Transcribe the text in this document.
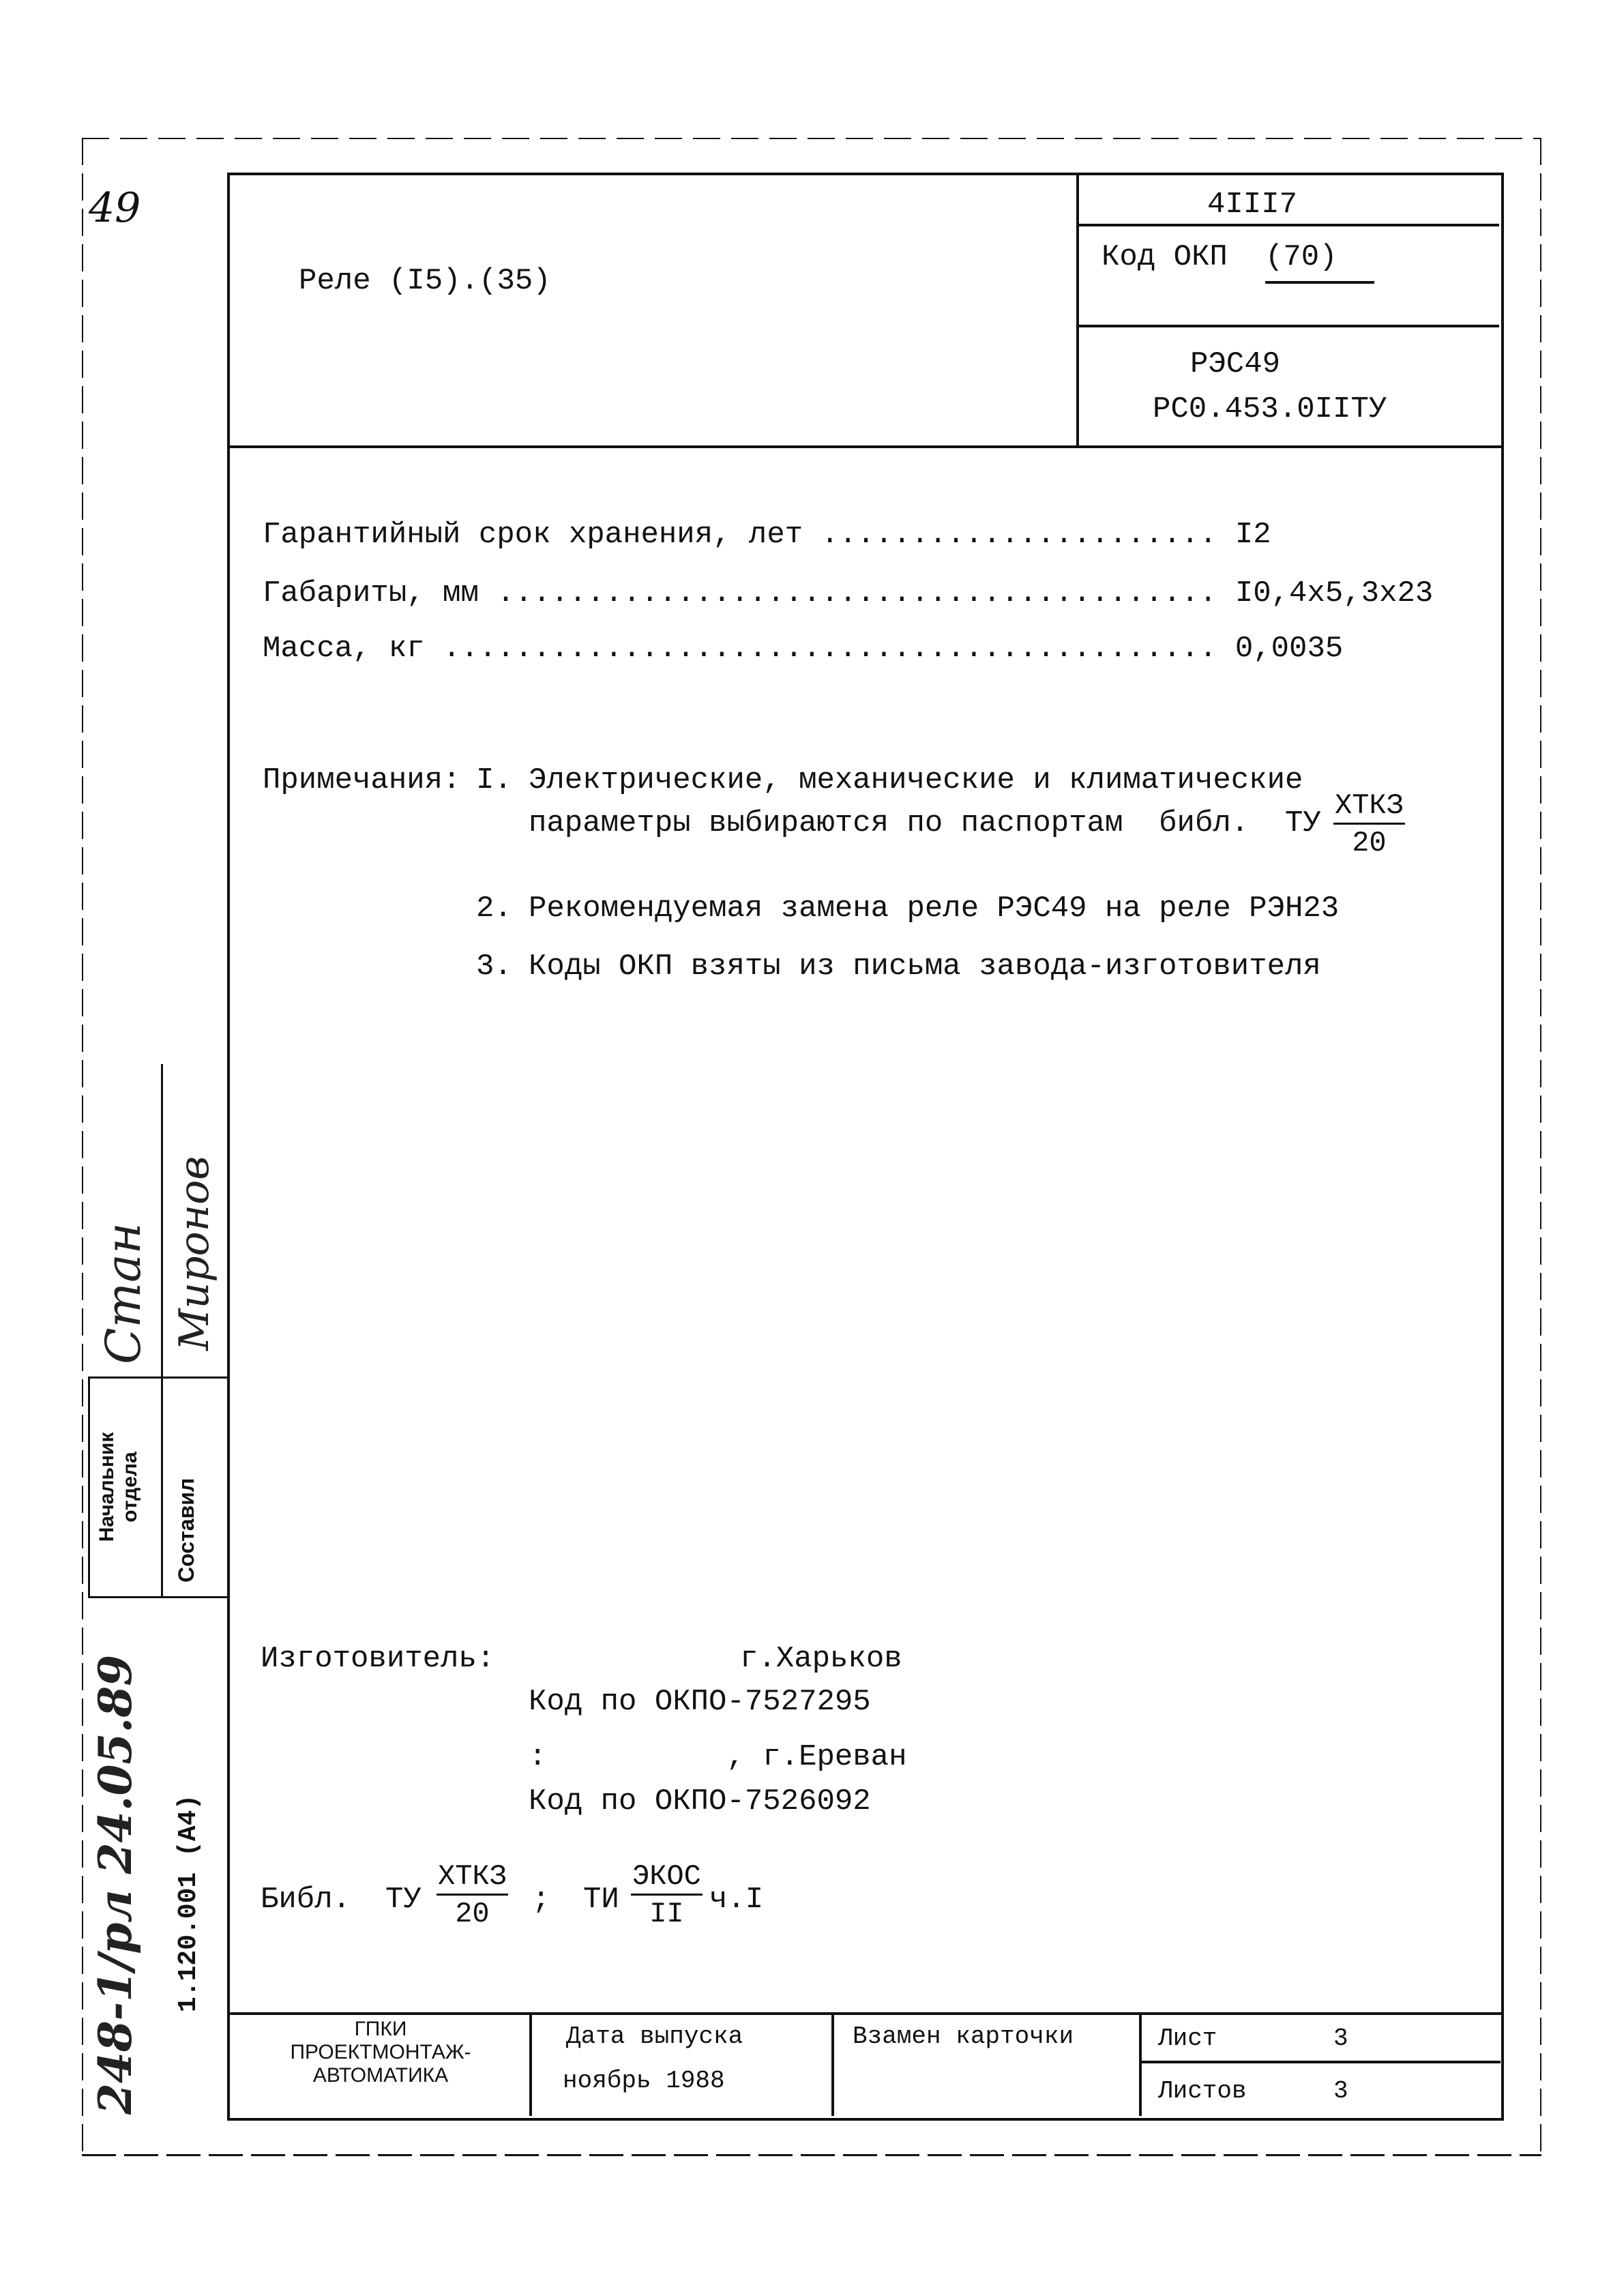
49
Реле (I5).(35)
4III7
Код ОКП (70)
РЭС49
РС0.453.0IIТУ
Гарантийный срок хранения, лет ...................... I2
Габариты, мм ........................................ I0,4x5,3x23
Масса, кг ........................................... 0,0035
Примечания: I. Электрические, механические и климатические
параметры выбираются по паспортам  библ.  ТУ
ХТКЗ
20
2. Рекомендуемая замена реле РЭС49 на реле РЭН23
3. Коды ОКП взяты из письма завода-изготовителя
Изготовитель:	г.Харьков
Код по ОКПО-7527295
:          , г.Ереван
Код по ОКПО-7526092
Библ. ТУ
ХТКЗ
20	; ТИ
ЭКОС
II ч.I
ГПКИ
ПРОЕКТМОНТАЖ-
АВТОМАТИКА
Дата выпуска
ноябрь 1988
Взамен карточки	Лист	3
Листов	3
Начальник отдела Составил
Стан Миронов
1.120.001 (А4)
248-1/рл 24.05.89
